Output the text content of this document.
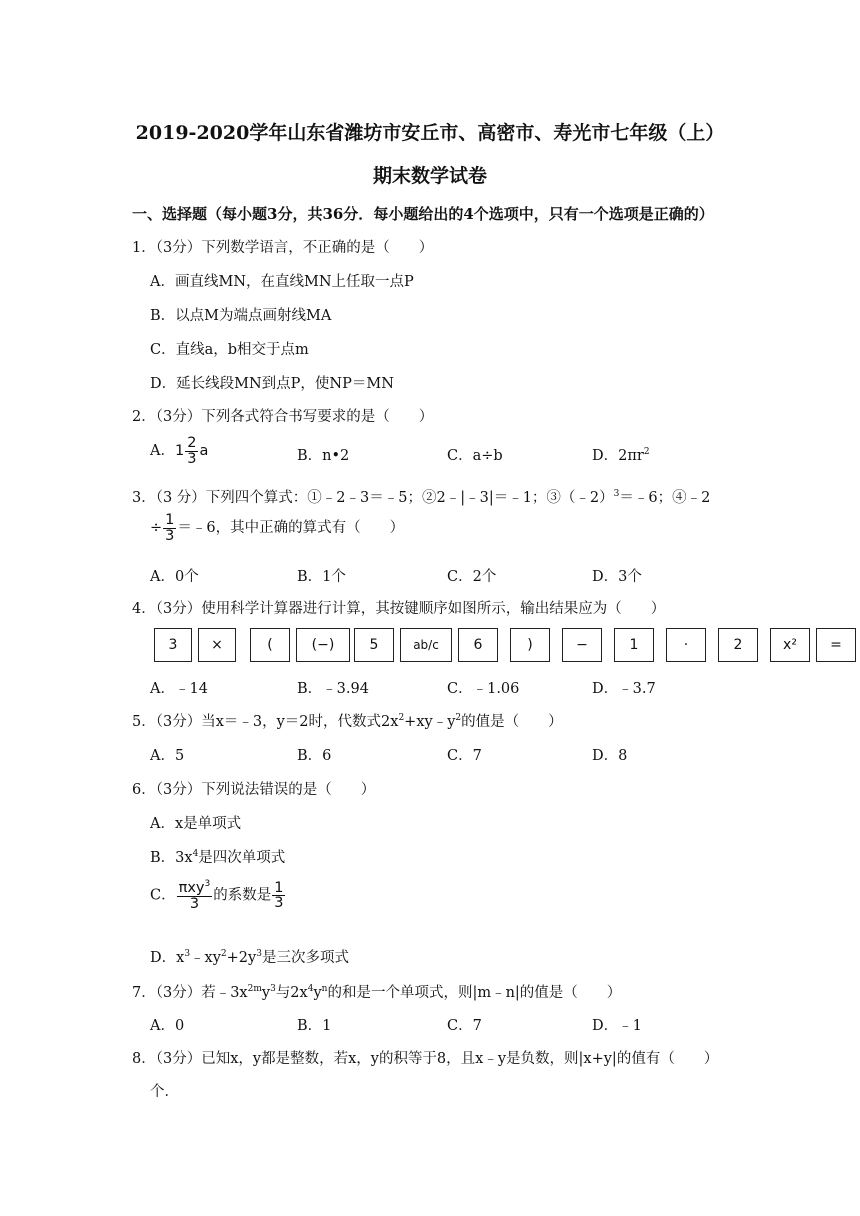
2019-2020学年山东省潍坊市安丘市、高密市、寿光市七年级（上）
期末数学试卷
一、选择题（每小题3分，共36分．每小题给出的4个选项中，只有一个选项是正确的）
1．（3分）下列数学语言，不正确的是（　　）
A．画直线MN，在直线MN上任取一点P
B．以点M为端点画射线MA
C．直线a，b相交于点m
D．延长线段MN到点P，使NP＝MN
2．（3分）下列各式符合书写要求的是（　　）
A．$1 \frac{2}{3}$ a	B．n•2	C．a÷b	D．$2\pi r^2$
3．（3 分）下列四个算式：①﹣2﹣3＝﹣5；②2﹣|﹣3|＝﹣1；③（﹣2）$^3$＝﹣6；④﹣2
÷ $\frac{1}{3}$ ＝﹣6，其中正确的算式有（　　）
A．0个	B．1个	C．2个	D．3个
4．（3分）使用科学计算器进行计算，其按键顺序如图所示，输出结果应为（　　）
3	×	(	(−)	5	ab/c	6	)	−	1	·	2	x²	=
A．﹣14	B．﹣3.94	C．﹣1.06	D．﹣3.7
5．（3分）当x＝﹣3，y＝2时，代数式$2x^2+xy﹣y^2$的值是（　　）
A．5	B．6	C．7	D．8
6．（3分）下列说法错误的是（　　）
A．x是单项式
B．$3x^4$是四次单项式
C． $\frac{\pi xy^3}{3}$ 的系数是 $\frac{1}{3}$
D．$x^3﹣xy^2+2y^3$是三次多项式
7．（3分）若$﹣3x^{2m}y^3$与$2x^4y^n$的和是一个单项式，则|m﹣n|的值是（　　）
A．0	B．1	C．7	D．﹣1
8．（3分）已知x，y都是整数，若x，y的积等于8，且x﹣y是负数，则|x+y|的值有（　　）
个．
